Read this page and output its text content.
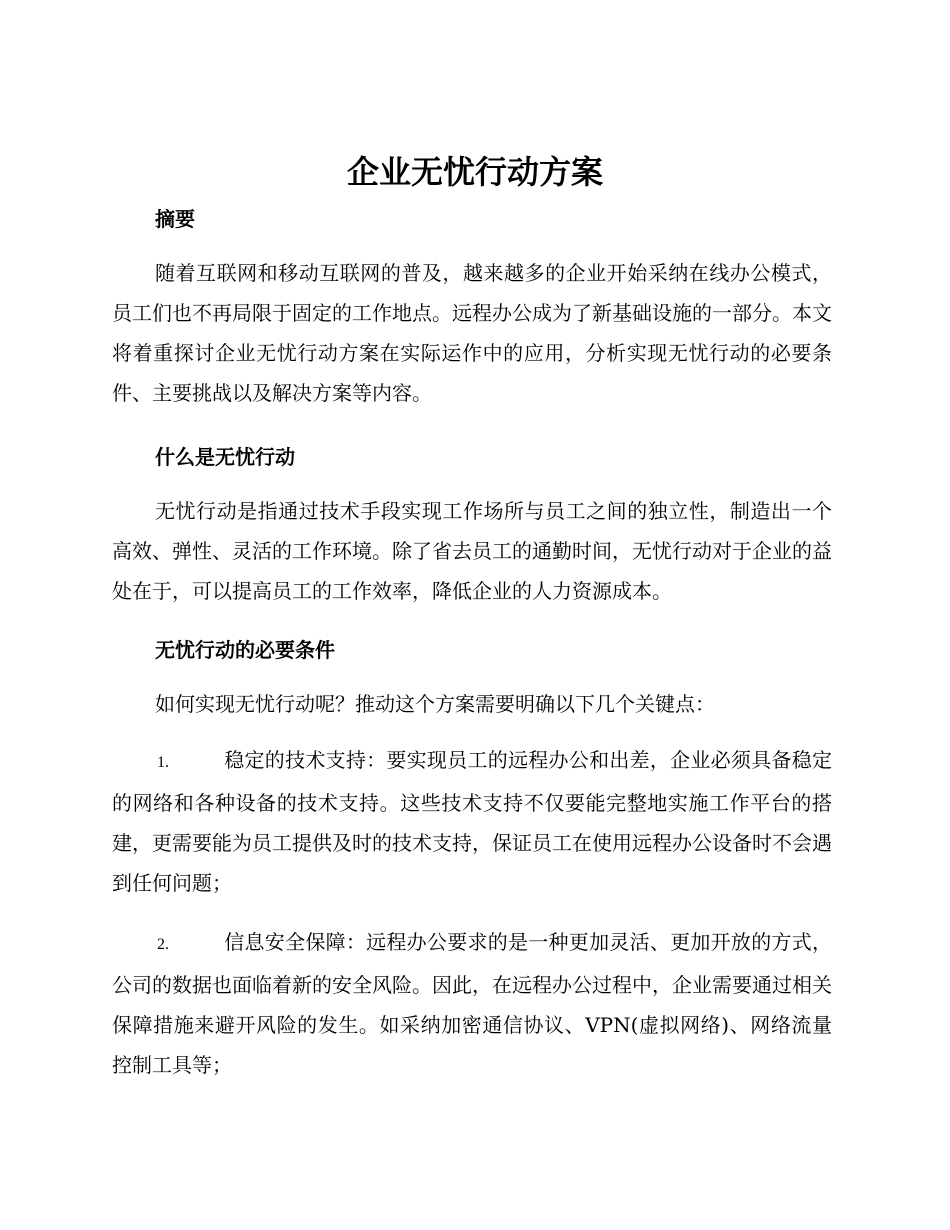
企业无忧行动方案
摘要

随着互联网和移动互联网的普及，越来越多的企业开始采纳在线办公模式，员工们也不再局限于固定的工作地点。远程办公成为了新基础设施的一部分。本文将着重探讨企业无忧行动方案在实际运作中的应用，分析实现无忧行动的必要条件、主要挑战以及解决方案等内容。

什么是无忧行动

无忧行动是指通过技术手段实现工作场所与员工之间的独立性，制造出一个高效、弹性、灵活的工作环境。除了省去员工的通勤时间，无忧行动对于企业的益处在于，可以提高员工的工作效率，降低企业的人力资源成本。

无忧行动的必要条件

如何实现无忧行动呢？推动这个方案需要明确以下几个关键点：

1.	稳定的技术支持：要实现员工的远程办公和出差，企业必须具备稳定的网络和各种设备的技术支持。这些技术支持不仅要能完整地实施工作平台的搭建，更需要能为员工提供及时的技术支持，保证员工在使用远程办公设备时不会遇到任何问题；
2.	信息安全保障：远程办公要求的是一种更加灵活、更加开放的方式，公司的数据也面临着新的安全风险。因此，在远程办公过程中，企业需要通过相关保障措施来避开风险的发生。如采纳加密通信协议、VPN(虚拟网络)、网络流量控制工具等；
